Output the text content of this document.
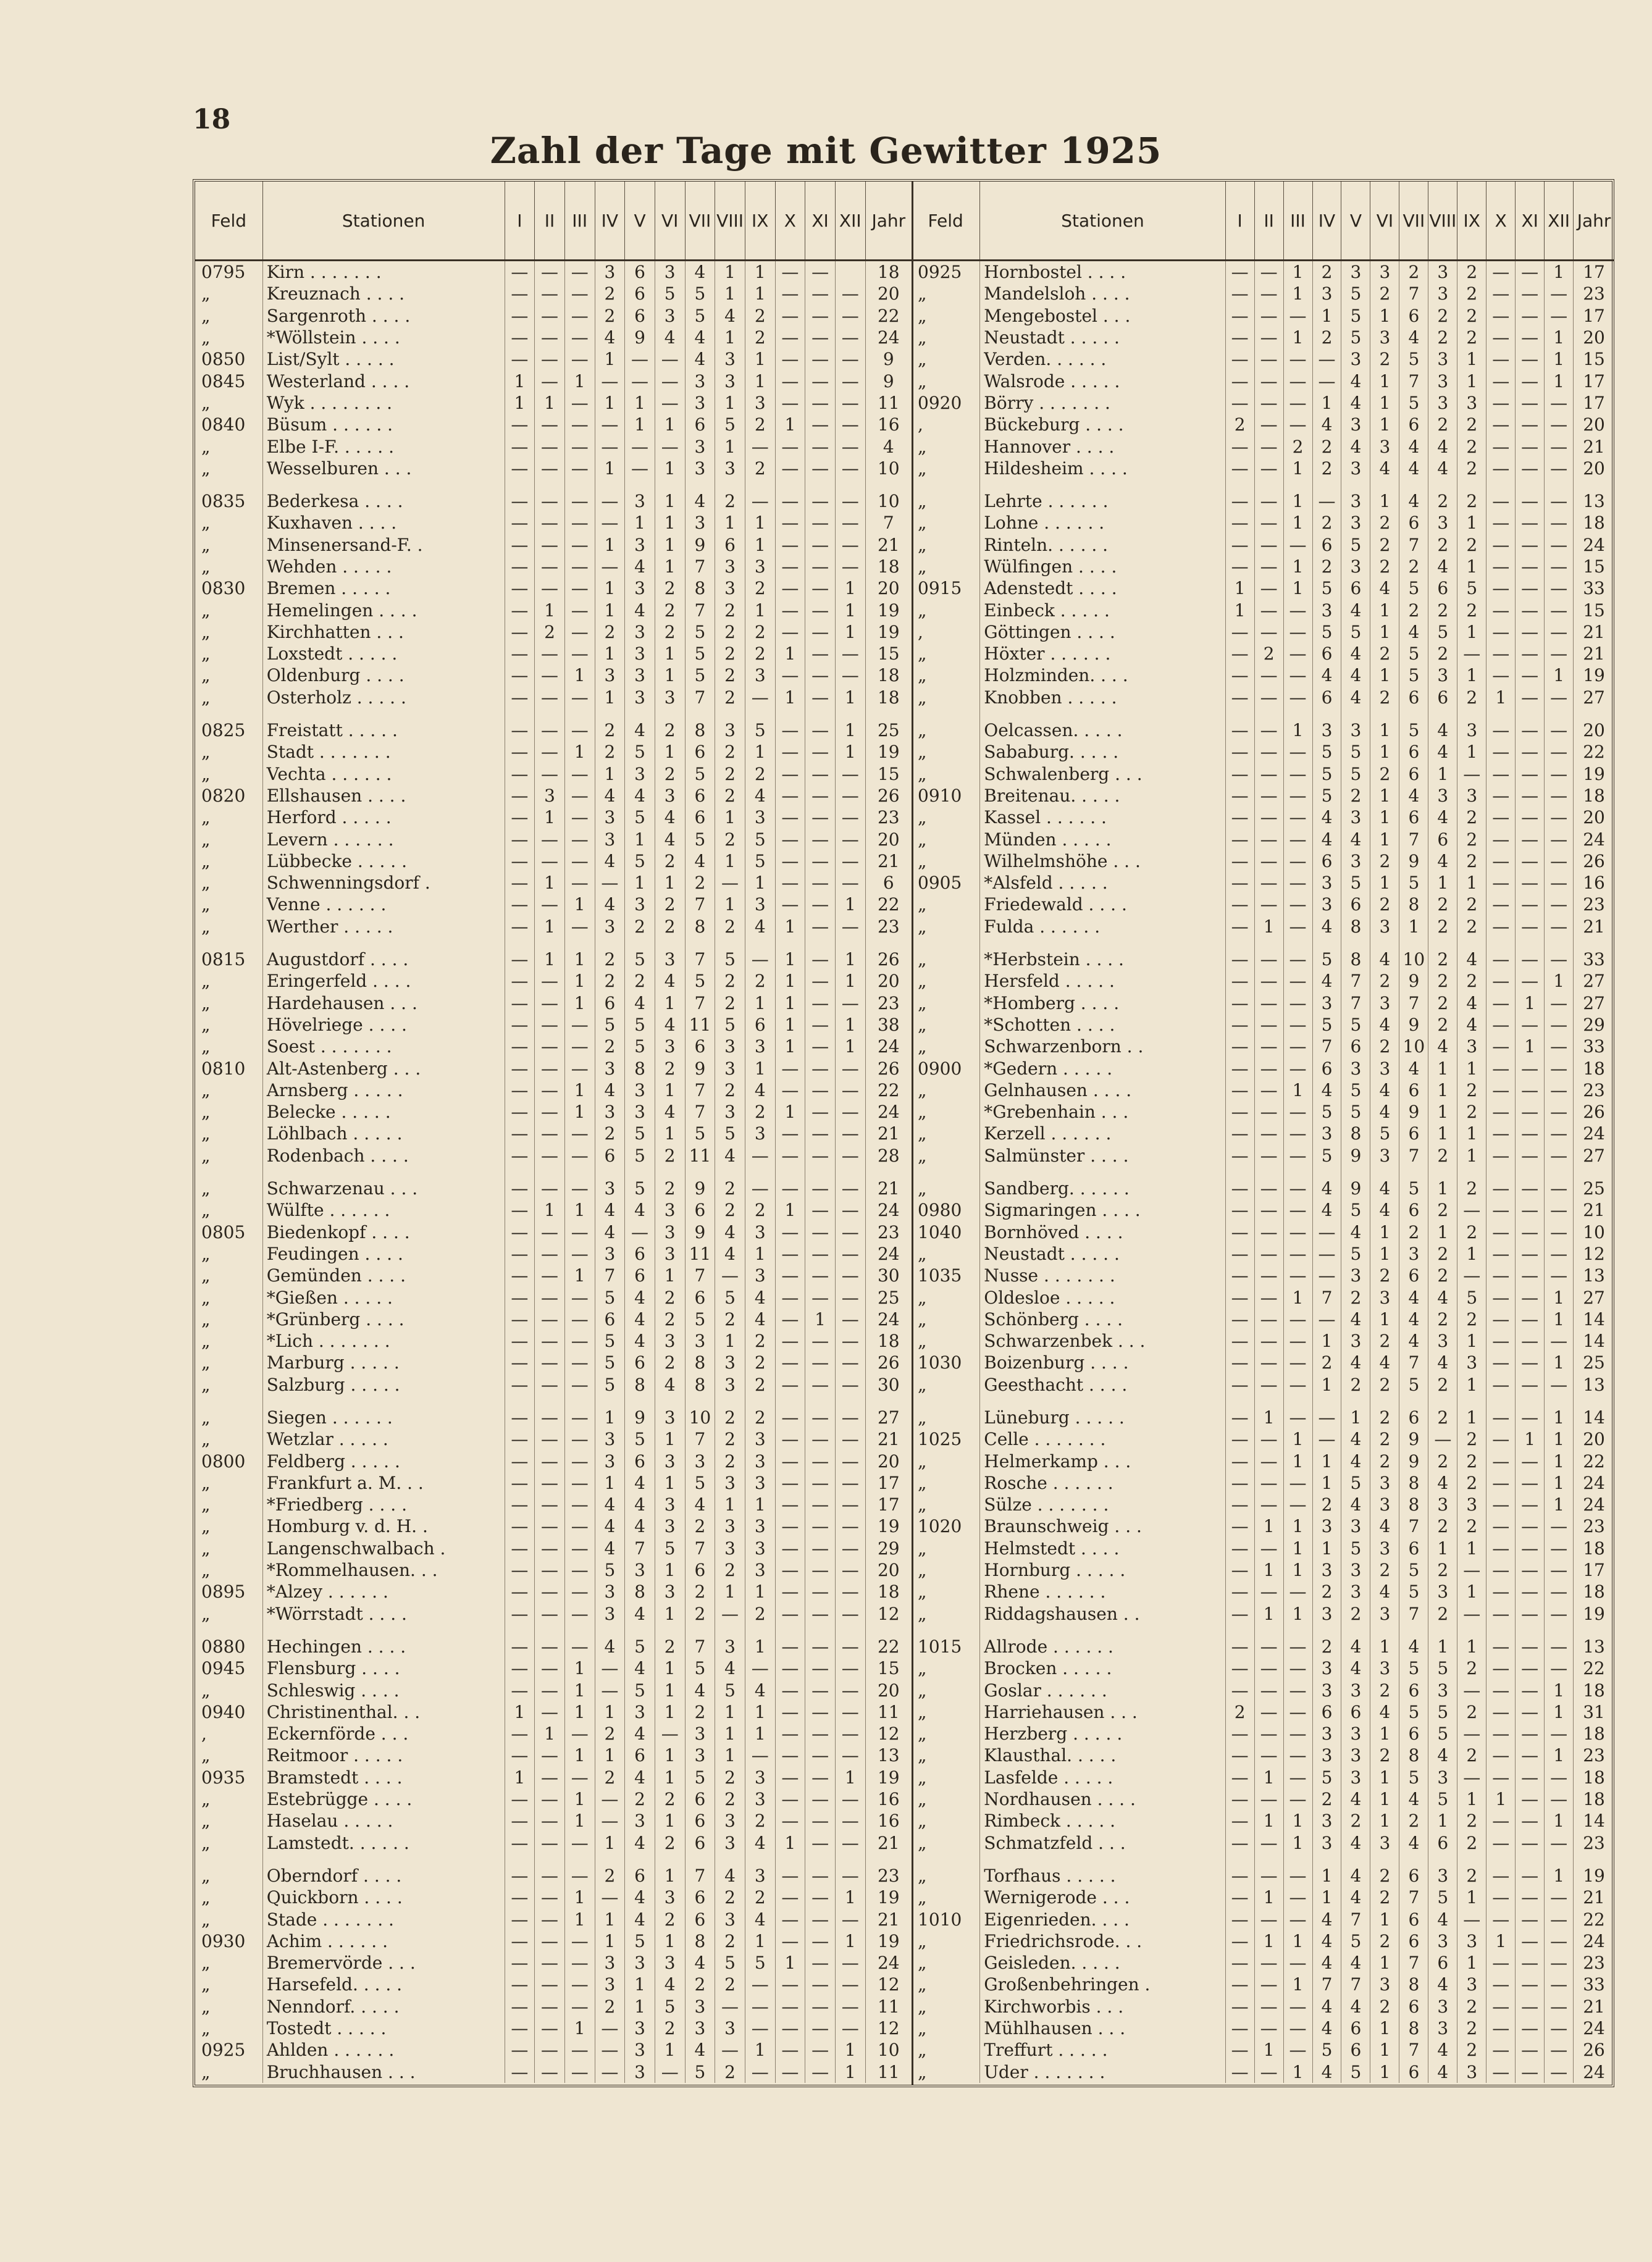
18
Zahl der Tage mit Gewitter 1925
Feld	Stationen	I	II	III	IV	V	VI	VII	VIII	IX	X	XI	XII	Jahr
0795	Kirn . . . . . . .	—	—	—	3	6	3	4	1	1	—	—		18
„	Kreuznach . . . .	—	—	—	2	6	5	5	1	1	—	—	—	20
„	Sargenroth . . . .	—	—	—	2	6	3	5	4	2	—	—	—	22
„	*Wöllstein . . . .	—	—	—	4	9	4	4	1	2	—	—	—	24
0850	List/Sylt . . . . .	—	—	—	1	—	—	4	3	1	—	—	—	9
0845	Westerland . . . .	1	—	1	—	—	—	3	3	1	—	—	—	9
„	Wyk . . . . . . . .	1	1	—	1	1	—	3	1	3	—	—	—	11
0840	Büsum . . . . . .	—	—	—	—	1	1	6	5	2	1	—	—	16
„	Elbe I-F. . . . . .	—	—	—	—	—	—	3	1	—	—	—	—	4
„	Wesselburen . . .	—	—	—	1	—	1	3	3	2	—	—	—	10

0835	Bederkesa . . . .	—	—	—	—	3	1	4	2	—	—	—	—	10
„	Kuxhaven . . . .	—	—	—	—	1	1	3	1	1	—	—	—	7
„	Minsenersand-F. .	—	—	—	1	3	1	9	6	1	—	—	—	21
„	Wehden . . . . .	—	—	—	—	4	1	7	3	3	—	—	—	18
0830	Bremen . . . . .	—	—	—	1	3	2	8	3	2	—	—	1	20
„	Hemelingen . . . .	—	1	—	1	4	2	7	2	1	—	—	1	19
„	Kirchhatten . . .	—	2	—	2	3	2	5	2	2	—	—	1	19
„	Loxstedt . . . . .	—	—	—	1	3	1	5	2	2	1	—	—	15
„	Oldenburg . . . .	—	—	1	3	3	1	5	2	3	—	—	—	18
„	Osterholz . . . . .	—	—	—	1	3	3	7	2	—	1	—	1	18

0825	Freistatt . . . . .	—	—	—	2	4	2	8	3	5	—	—	1	25
„	Stadt . . . . . . .	—	—	1	2	5	1	6	2	1	—	—	1	19
„	Vechta . . . . . .	—	—	—	1	3	2	5	2	2	—	—	—	15
0820	Ellshausen . . . .	—	3	—	4	4	3	6	2	4	—	—	—	26
„	Herford . . . . .	—	1	—	3	5	4	6	1	3	—	—	—	23
„	Levern . . . . . .	—	—	—	3	1	4	5	2	5	—	—	—	20
„	Lübbecke . . . . .	—	—	—	4	5	2	4	1	5	—	—	—	21
„	Schwenningsdorf .	—	1	—	—	1	1	2	—	1	—	—	—	6
„	Venne . . . . . .	—	—	1	4	3	2	7	1	3	—	—	1	22
„	Werther . . . . .	—	1	—	3	2	2	8	2	4	1	—	—	23

0815	Augustdorf . . . .	—	1	1	2	5	3	7	5	—	1	—	1	26
„	Eringerfeld . . . .	—	—	1	2	2	4	5	2	2	1	—	1	20
„	Hardehausen . . .	—	—	1	6	4	1	7	2	1	1	—	—	23
„	Hövelriege . . . .	—	—	—	5	5	4	11	5	6	1	—	1	38
„	Soest . . . . . . .	—	—	—	2	5	3	6	3	3	1	—	1	24
0810	Alt-Astenberg . . .	—	—	—	3	8	2	9	3	1	—	—	—	26
„	Arnsberg . . . . .	—	—	1	4	3	1	7	2	4	—	—	—	22
„	Belecke . . . . .	—	—	1	3	3	4	7	3	2	1	—	—	24
„	Löhlbach . . . . .	—	—	—	2	5	1	5	5	3	—	—	—	21
„	Rodenbach . . . .	—	—	—	6	5	2	11	4	—	—	—	—	28

„	Schwarzenau . . .	—	—	—	3	5	2	9	2	—	—	—	—	21
„	Wülfte . . . . . .	—	1	1	4	4	3	6	2	2	1	—	—	24
0805	Biedenkopf . . . .	—	—	—	4	—	3	9	4	3	—	—	—	23
„	Feudingen . . . .	—	—	—	3	6	3	11	4	1	—	—	—	24
„	Gemünden . . . .	—	—	1	7	6	1	7	—	3	—	—	—	30
„	*Gießen . . . . .	—	—	—	5	4	2	6	5	4	—	—	—	25
„	*Grünberg . . . .	—	—	—	6	4	2	5	2	4	—	1	—	24
„	*Lich . . . . . . .	—	—	—	5	4	3	3	1	2	—	—	—	18
„	Marburg . . . . .	—	—	—	5	6	2	8	3	2	—	—	—	26
„	Salzburg . . . . .	—	—	—	5	8	4	8	3	2	—	—	—	30

„	Siegen . . . . . .	—	—	—	1	9	3	10	2	2	—	—	—	27
„	Wetzlar . . . . .	—	—	—	3	5	1	7	2	3	—	—	—	21
0800	Feldberg . . . . .	—	—	—	3	6	3	3	2	3	—	—	—	20
„	Frankfurt a. M. . .	—	—	—	1	4	1	5	3	3	—	—	—	17
„	*Friedberg . . . .	—	—	—	4	4	3	4	1	1	—	—	—	17
„	Homburg v. d. H. .	—	—	—	4	4	3	2	3	3	—	—	—	19
„	Langenschwalbach .	—	—	—	4	7	5	7	3	3	—	—	—	29
„	*Rommelhausen. . .	—	—	—	5	3	1	6	2	3	—	—	—	20
0895	*Alzey . . . . . .	—	—	—	3	8	3	2	1	1	—	—	—	18
„	*Wörrstadt . . . .	—	—	—	3	4	1	2	—	2	—	—	—	12

0880	Hechingen . . . .	—	—	—	4	5	2	7	3	1	—	—	—	22
0945	Flensburg . . . .	—	—	1	—	4	1	5	4	—	—	—	—	15
„	Schleswig . . . .	—	—	1	—	5	1	4	5	4	—	—	—	20
0940	Christinenthal. . .	1	—	1	1	3	1	2	1	1	—	—	—	11
,	Eckernförde . . .	—	1	—	2	4	—	3	1	1	—	—	—	12
„	Reitmoor . . . . .	—	—	1	1	6	1	3	1	—	—	—	—	13
0935	Bramstedt . . . .	1	—	—	2	4	1	5	2	3	—	—	1	19
„	Estebrügge . . . .	—	—	1	—	2	2	6	2	3	—	—	—	16
„	Haselau . . . . .	—	—	1	—	3	1	6	3	2	—	—	—	16
„	Lamstedt. . . . . .	—	—	—	1	4	2	6	3	4	1	—	—	21

„	Oberndorf . . . .	—	—	—	2	6	1	7	4	3	—	—	—	23
„	Quickborn . . . .	—	—	1	—	4	3	6	2	2	—	—	1	19
„	Stade . . . . . . .	—	—	1	1	4	2	6	3	4	—	—	—	21
0930	Achim . . . . . .	—	—	—	1	5	1	8	2	1	—	—	1	19
„	Bremervörde . . .	—	—	—	3	3	3	4	5	5	1	—	—	24
„	Harsefeld. . . . .	—	—	—	3	1	4	2	2	—	—	—	—	12
„	Nenndorf. . . . .	—	—	—	2	1	5	3	—	—	—	—	—	11
„	Tostedt . . . . .	—	—	1	—	3	2	3	3	—	—	—	—	12
0925	Ahlden . . . . . .	—	—	—	—	3	1	4	—	1	—	—	1	10
„	Bruchhausen . . .	—	—	—	—	3	—	5	2	—	—	—	1	11
Feld	Stationen	I	II	III	IV	V	VI	VII	VIII	IX	X	XI	XII	Jahr
0925	Hornbostel . . . .	—	—	1	2	3	3	2	3	2	—	—	1	17
„	Mandelsloh . . . .	—	—	1	3	5	2	7	3	2	—	—	—	23
„	Mengebostel . . .	—	—	—	1	5	1	6	2	2	—	—	—	17
„	Neustadt . . . . .	—	—	1	2	5	3	4	2	2	—	—	1	20
„	Verden. . . . . .	—	—	—	—	3	2	5	3	1	—	—	1	15
„	Walsrode . . . . .	—	—	—	—	4	1	7	3	1	—	—	1	17
0920	Börry . . . . . . .	—	—	—	1	4	1	5	3	3	—	—	—	17
,	Bückeburg . . . .	2	—	—	4	3	1	6	2	2	—	—	—	20
„	Hannover . . . .	—	—	2	2	4	3	4	4	2	—	—	—	21
„	Hildesheim . . . .	—	—	1	2	3	4	4	4	2	—	—	—	20

„	Lehrte . . . . . .	—	—	1	—	3	1	4	2	2	—	—	—	13
„	Lohne . . . . . .	—	—	1	2	3	2	6	3	1	—	—	—	18
„	Rinteln. . . . . .	—	—	—	6	5	2	7	2	2	—	—	—	24
„	Wülfingen . . . .	—	—	1	2	3	2	2	4	1	—	—	—	15
0915	Adenstedt . . . .	1	—	1	5	6	4	5	6	5	—	—	—	33
„	Einbeck . . . . .	1	—	—	3	4	1	2	2	2	—	—	—	15
,	Göttingen . . . .	—	—	—	5	5	1	4	5	1	—	—	—	21
„	Höxter . . . . . .	—	2	—	6	4	2	5	2	—	—	—	—	21
„	Holzminden. . . .	—	—	—	4	4	1	5	3	1	—	—	1	19
„	Knobben . . . . .	—	—	—	6	4	2	6	6	2	1	—	—	27

„	Oelcassen. . . . .	—	—	1	3	3	1	5	4	3	—	—	—	20
„	Sababurg. . . . .	—	—	—	5	5	1	6	4	1	—	—	—	22
„	Schwalenberg . . .	—	—	—	5	5	2	6	1	—	—	—	—	19
0910	Breitenau. . . . .	—	—	—	5	2	1	4	3	3	—	—	—	18
„	Kassel . . . . . .	—	—	—	4	3	1	6	4	2	—	—	—	20
„	Münden . . . . .	—	—	—	4	4	1	7	6	2	—	—	—	24
„	Wilhelmshöhe . . .	—	—	—	6	3	2	9	4	2	—	—	—	26
0905	*Alsfeld . . . . .	—	—	—	3	5	1	5	1	1	—	—	—	16
„	Friedewald . . . .	—	—	—	3	6	2	8	2	2	—	—	—	23
„	Fulda . . . . . .	—	1	—	4	8	3	1	2	2	—	—	—	21

„	*Herbstein . . . .	—	—	—	5	8	4	10	2	4	—	—	—	33
„	Hersfeld . . . . .	—	—	—	4	7	2	9	2	2	—	—	1	27
„	*Homberg . . . .	—	—	—	3	7	3	7	2	4	—	1	—	27
„	*Schotten . . . .	—	—	—	5	5	4	9	2	4	—	—	—	29
„	Schwarzenborn . .	—	—	—	7	6	2	10	4	3	—	1	—	33
0900	*Gedern . . . . .	—	—	—	6	3	3	4	1	1	—	—	—	18
„	Gelnhausen . . . .	—	—	1	4	5	4	6	1	2	—	—	—	23
„	*Grebenhain . . .	—	—	—	5	5	4	9	1	2	—	—	—	26
„	Kerzell . . . . . .	—	—	—	3	8	5	6	1	1	—	—	—	24
„	Salmünster . . . .	—	—	—	5	9	3	7	2	1	—	—	—	27

„	Sandberg. . . . . .	—	—	—	4	9	4	5	1	2	—	—	—	25
0980	Sigmaringen . . . .	—	—	—	4	5	4	6	2	—	—	—	—	21
1040	Bornhöved . . . .	—	—	—	—	4	1	2	1	2	—	—	—	10
„	Neustadt . . . . .	—	—	—	—	5	1	3	2	1	—	—	—	12
1035	Nusse . . . . . . .	—	—	—	—	3	2	6	2	—	—	—	—	13
„	Oldesloe . . . . .	—	—	1	7	2	3	4	4	5	—	—	1	27
„	Schönberg . . . .	—	—	—	—	4	1	4	2	2	—	—	1	14
„	Schwarzenbek . . .	—	—	—	1	3	2	4	3	1	—	—	—	14
1030	Boizenburg . . . .	—	—	—	2	4	4	7	4	3	—	—	1	25
„	Geesthacht . . . .	—	—	—	1	2	2	5	2	1	—	—	—	13

„	Lüneburg . . . . .	—	1	—	—	1	2	6	2	1	—	—	1	14
1025	Celle . . . . . . .	—	—	1	—	4	2	9	—	2	—	1	1	20
„	Helmerkamp . . .	—	—	1	1	4	2	9	2	2	—	—	1	22
„	Rosche . . . . . .	—	—	—	1	5	3	8	4	2	—	—	1	24
„	Sülze . . . . . . .	—	—	—	2	4	3	8	3	3	—	—	1	24
1020	Braunschweig . . .	—	1	1	3	3	4	7	2	2	—	—	—	23
„	Helmstedt . . . .	—	—	1	1	5	3	6	1	1	—	—	—	18
„	Hornburg . . . . .	—	1	1	3	3	2	5	2	—	—	—	—	17
„	Rhene . . . . . .	—	—	—	2	3	4	5	3	1	—	—	—	18
„	Riddagshausen . .	—	1	1	3	2	3	7	2	—	—	—	—	19

1015	Allrode . . . . . .	—	—	—	2	4	1	4	1	1	—	—	—	13
„	Brocken . . . . .	—	—	—	3	4	3	5	5	2	—	—	—	22
„	Goslar . . . . . .	—	—	—	3	3	2	6	3	—	—	—	1	18
„	Harriehausen . . .	2	—	—	6	6	4	5	5	2	—	—	1	31
„	Herzberg . . . . .	—	—	—	3	3	1	6	5	—	—	—	—	18
„	Klausthal. . . . .	—	—	—	3	3	2	8	4	2	—	—	1	23
„	Lasfelde . . . . .	—	1	—	5	3	1	5	3	—	—	—	—	18
„	Nordhausen . . . .	—	—	—	2	4	1	4	5	1	1	—	—	18
„	Rimbeck . . . . .	—	1	1	3	2	1	2	1	2	—	—	1	14
„	Schmatzfeld . . .	—	—	1	3	4	3	4	6	2	—	—	—	23

„	Torfhaus . . . . .	—	—	—	1	4	2	6	3	2	—	—	1	19
„	Wernigerode . . .	—	1	—	1	4	2	7	5	1	—	—	—	21
1010	Eigenrieden. . . .	—	—	—	4	7	1	6	4	—	—	—	—	22
„	Friedrichsrode. . .	—	1	1	4	5	2	6	3	3	1	—	—	24
„	Geisleden. . . . .	—	—	—	4	4	1	7	6	1	—	—	—	23
„	Großenbehringen .	—	—	1	7	7	3	8	4	3	—	—	—	33
„	Kirchworbis . . .	—	—	—	4	4	2	6	3	2	—	—	—	21
„	Mühlhausen . . .	—	—	—	4	6	1	8	3	2	—	—	—	24
„	Treffurt . . . . .	—	1	—	5	6	1	7	4	2	—	—	—	26
„	Uder . . . . . . .	—	—	1	4	5	1	6	4	3	—	—	—	24
